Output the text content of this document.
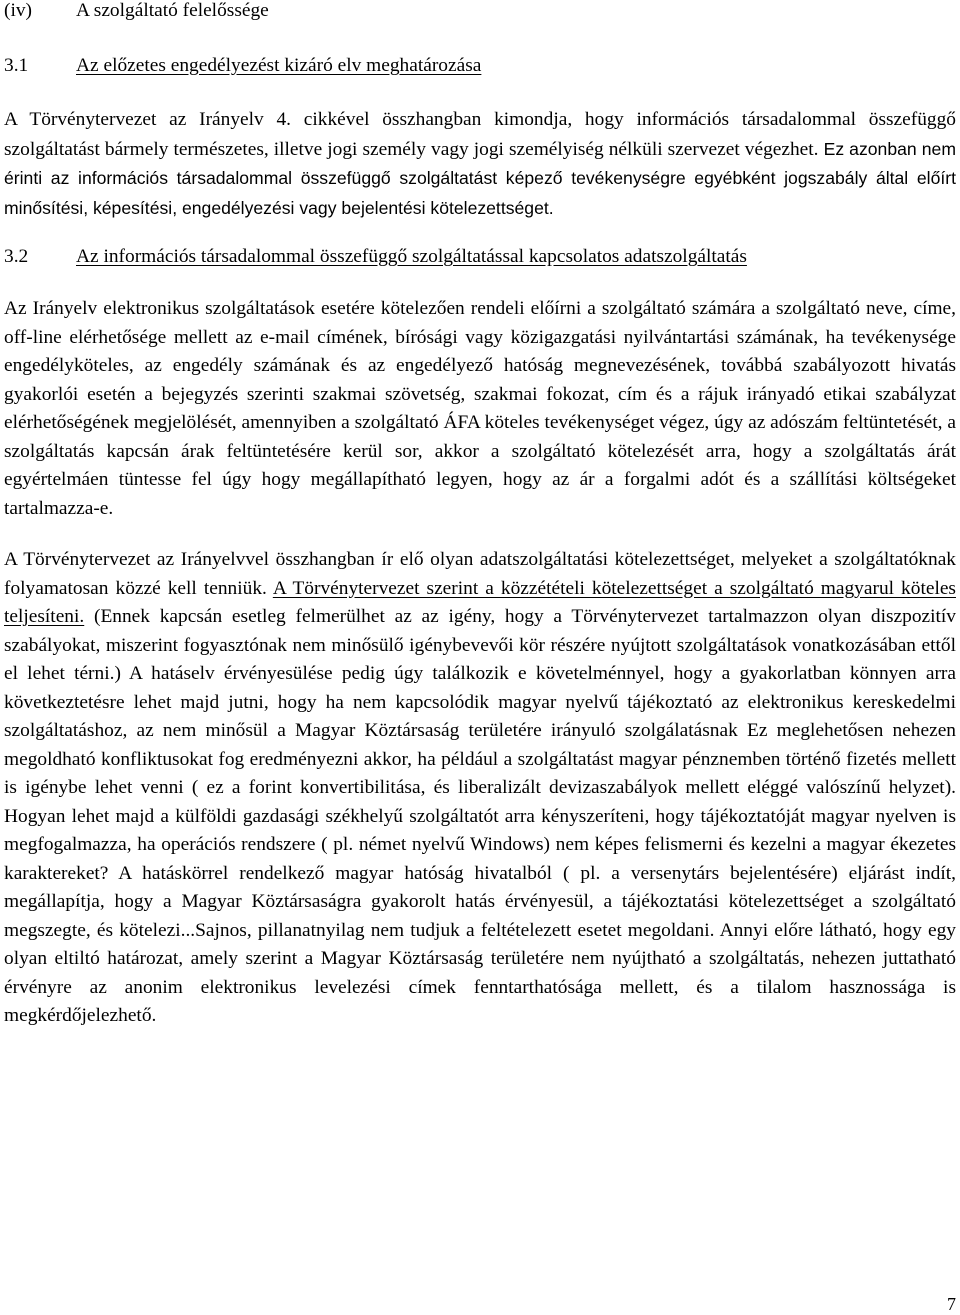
(iv)	A szolgáltató felelőssége
3.1	Az előzetes engedélyezést kizáró elv meghatározása

A Törvénytervezet az Irányelv 4. cikkével összhangban kimondja, hogy információs társadalommal összefüggő szolgáltatást bármely természetes, illetve jogi személy vagy jogi személyiség nélküli szervezet végezhet. Ez azonban nem érinti az információs társadalommal összefüggő szolgáltatást képező tevékenységre egyébként jogszabály által előírt minősítési, képesítési, engedélyezési vagy bejelentési kötelezettséget.

3.2	Az információs társadalommal összefüggő szolgáltatással kapcsolatos adatszolgáltatás

Az Irányelv elektronikus szolgáltatások esetére kötelezően rendeli előírni a szolgáltató számára a szolgáltató neve, címe, off-line elérhetősége mellett az e-mail címének, bírósági vagy közigazgatási nyilvántartási számának, ha tevékenysége engedélyköteles, az engedély számának és az engedélyező hatóság megnevezésének, továbbá szabályozott hivatás gyakorlói esetén a bejegyzés szerinti szakmai szövetség, szakmai fokozat, cím és a rájuk irányadó etikai szabályzat elérhetőségének megjelölését, amennyiben a szolgáltató ÁFA köteles tevékenységet végez, úgy az adószám feltüntetését, a szolgáltatás kapcsán árak feltüntetésére kerül sor, akkor a szolgáltató kötelezését arra, hogy a szolgáltatás árát egyértelmáen tüntesse fel úgy hogy megállapítható legyen, hogy az ár a forgalmi adót és a szállítási költségeket tartalmazza-e.

A Törvénytervezet az Irányelvvel összhangban ír elő olyan adatszolgáltatási kötelezettséget, melyeket a szolgáltatóknak folyamatosan közzé kell tenniük. A Törvénytervezet szerint a közzétételi kötelezettséget a szolgáltató magyarul köteles teljesíteni. (Ennek kapcsán esetleg felmerülhet az az igény, hogy a Törvénytervezet tartalmazzon olyan diszpozitív szabályokat, miszerint fogyasztónak nem minősülő igénybevevői kör részére nyújtott szolgáltatások vonatkozásában ettől el lehet térni.) A hatáselv érvényesülése pedig úgy találkozik e követelménnyel, hogy a gyakorlatban könnyen arra következtetésre lehet majd jutni, hogy ha nem kapcsolódik magyar nyelvű tájékoztató az elektronikus kereskedelmi szolgáltatáshoz, az nem minősül a Magyar Köztársaság területére irányuló szolgálatásnak Ez meglehetősen nehezen megoldható konfliktusokat fog eredményezni akkor, ha például a szolgáltatást magyar pénznemben történő fizetés mellett is igénybe lehet venni ( ez a forint konvertibilitása, és liberalizált devizaszabályok mellett eléggé valószínű helyzet). Hogyan lehet majd a külföldi gazdasági székhelyű szolgáltatót arra kényszeríteni, hogy tájékoztatóját magyar nyelven is megfogalmazza, ha operációs rendszere ( pl. német nyelvű Windows) nem képes felismerni és kezelni a magyar ékezetes karaktereket? A hatáskörrel rendelkező magyar hatóság hivatalból ( pl. a versenytárs bejelentésére) eljárást indít, megállapítja, hogy a Magyar Köztársaságra gyakorolt hatás érvényesül, a tájékoztatási kötelezettséget a szolgáltató megszegte, és kötelezi...Sajnos, pillanatnyilag nem tudjuk a feltételezett esetet megoldani. Annyi előre látható, hogy egy olyan eltiltó határozat, amely szerint a Magyar Köztársaság területére nem nyújtható a szolgáltatás, nehezen juttatható érvényre az anonim elektronikus levelezési címek fenntarthatósága mellett, és a tilalom hasznossága is megkérdőjelezhető.

7
